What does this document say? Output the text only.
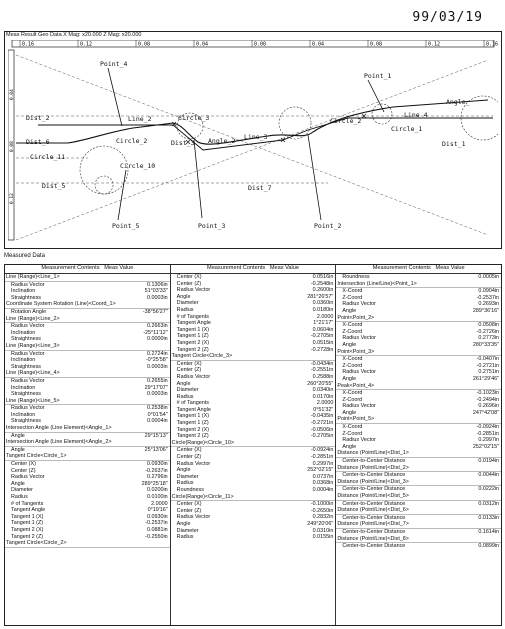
99/03/19
Meas Result Geo Data X Mag: x20.000 Z Mag: x20.000
0.16	0.12	0.08	0.04	0.00	0.04	0.08	0.12	0.16
0.04
0.08
0.12
Point_4
Point_1
Angle_
Dist_2	Line_2	Circle_3	Circle_2
Line_4
Dist_6	Circle_2	Dist_3 Angle_2 Line_3
Circle_1
Dist_1
Circle_11
Circle_10
Dist_5	Dist_7
Point_5	Point_3	Point_2
Measured Data
Measurement Contents Meas Value
Line (Range)<Line_1>
Radius Vector	0.1306in
Inclination	51°03'33"
Straightness	0.0003in
Coordinate System Rotation (Line)<Coord_1>
Rotation Angle	-38°56'27"
Line (Range)<Line_2>
Radius Vector	0.2663in
Inclination	-25°11'12"
Straightness	0.0000in
Line (Range)<Line_3>
Radius Vector	0.2724in
Inclination	-0°25'58"
Straightness	0.0003in
Line (Range)<Line_4>
Radius Vector	0.2655in
Inclination	29°17'07"
Straightness	0.0003in
Line (Range)<Line_5>
Radius Vector	0.2538in
Inclination	0°01'54"
Straightness	0.0004in
Intersection Angle (Line Element)<Angle_1>
Angle	29°15'13"
Intersection Angle (Line Element)<Angle_2>
Angle	25°13'06"
Tangent Circle<Circle_1>
Center (X)	0.0930in
Center (Z)	-0.2637in
Radius Vector	0.2796in
Angle	289°25'18"
Diameter	0.0200in
Radius	0.0100in
# of Tangents	2.0000
Tangent Angle	0°19'16"
Tangent 1 (X)	0.0930in
Tangent 1 (Z)	-0.2537in
Tangent 2 (X)	0.0881in
Tangent 2 (Z)	-0.2550in
Tangent Circle<Circle_2>
Measurement Contents Meas Value
Center (X)	0.0516in
Center (Z)	-0.2548in
Radius Vector	0.2600in
Angle	281°26'57"
Diameter	0.0360in
Radius	0.0180in
# of Tangents	2.0000
Tangent Angle	1°21'17"
Tangent 1 (X)	0.0604in
Tangent 1 (Z)	-0.2705in
Tangent 2 (X)	0.0515in
Tangent 2 (Z)	-0.2728in
Tangent Circle<Circle_3>
Center (X)	-0.0434in
Center (Z)	-0.2551in
Radius Vector	0.2588in
Angle	260°20'55"
Diameter	0.0340in
Radius	0.0170in
# of Tangents	2.0000
Tangent Angle	0°51'32"
Tangent 1 (X)	-0.0435in
Tangent 1 (Z)	-0.2721in
Tangent 2 (X)	-0.0506in
Tangent 2 (Z)	-0.2705in
Circle(Range)<Circle_10>
Center (X)	-0.0924in
Center (Z)	-0.2851in
Radius Vector	0.2997in
Angle	252°02'15"
Diameter	0.0737in
Radius	0.0368in
Roundness	0.0004in
Circle(Range)<Circle_11>
Center (X)	-0.1000in
Center (Z)	-0.2650in
Radius Vector	0.2832in
Angle	249°20'06"
Diameter	0.0310in
Radius	0.0155in
Measurement Contents Meas Value
Roundness	0.0005in
Intersection (Line/Line)<Point_1>
X-Coord	0.0904in
Z-Coord	-0.2537in
Radius Vector	0.2693in
Angle	289°36'16"
Point<Point_2>
X-Coord	0.0508in
Z-Coord	-0.2726in
Radius Vector	0.2773in
Angle	280°33'35"
Point<Point_3>
X-Coord	-0.0407in
Z-Coord	-0.2721in
Radius Vector	0.2751in
Angle	261°29'46"
Peak<Point_4>
X-Coord	-0.1023in
Z-Coord	-0.2494in
Radius Vector	0.2696in
Angle	247°42'08"
Point<Point_5>
X-Coord	-0.0924in
Z-Coord	-0.2851in
Radius Vector	0.2997in
Angle	252°02'15"
Distance (Point/Line)<Dist_1>
Center-to-Center Distance	0.0194in
Distance (Point/Line)<Dist_2>
Center-to-Center Distance	0.0044in
Distance (Point/Line)<Dist_3>
Center-to-Center Distance	0.0222in
Distance (Point/Line)<Dist_5>
Center-to-Center Distance	0.0312in
Distance (Point/Line)<Dist_6>
Center-to-Center Distance	0.0133in
Distance (Point/Line)<Dist_7>
Center-to-Center Distance	0.1614in
Distance (Point/Line)<Dist_8>
Center-to-Center Distance	0.0899in
